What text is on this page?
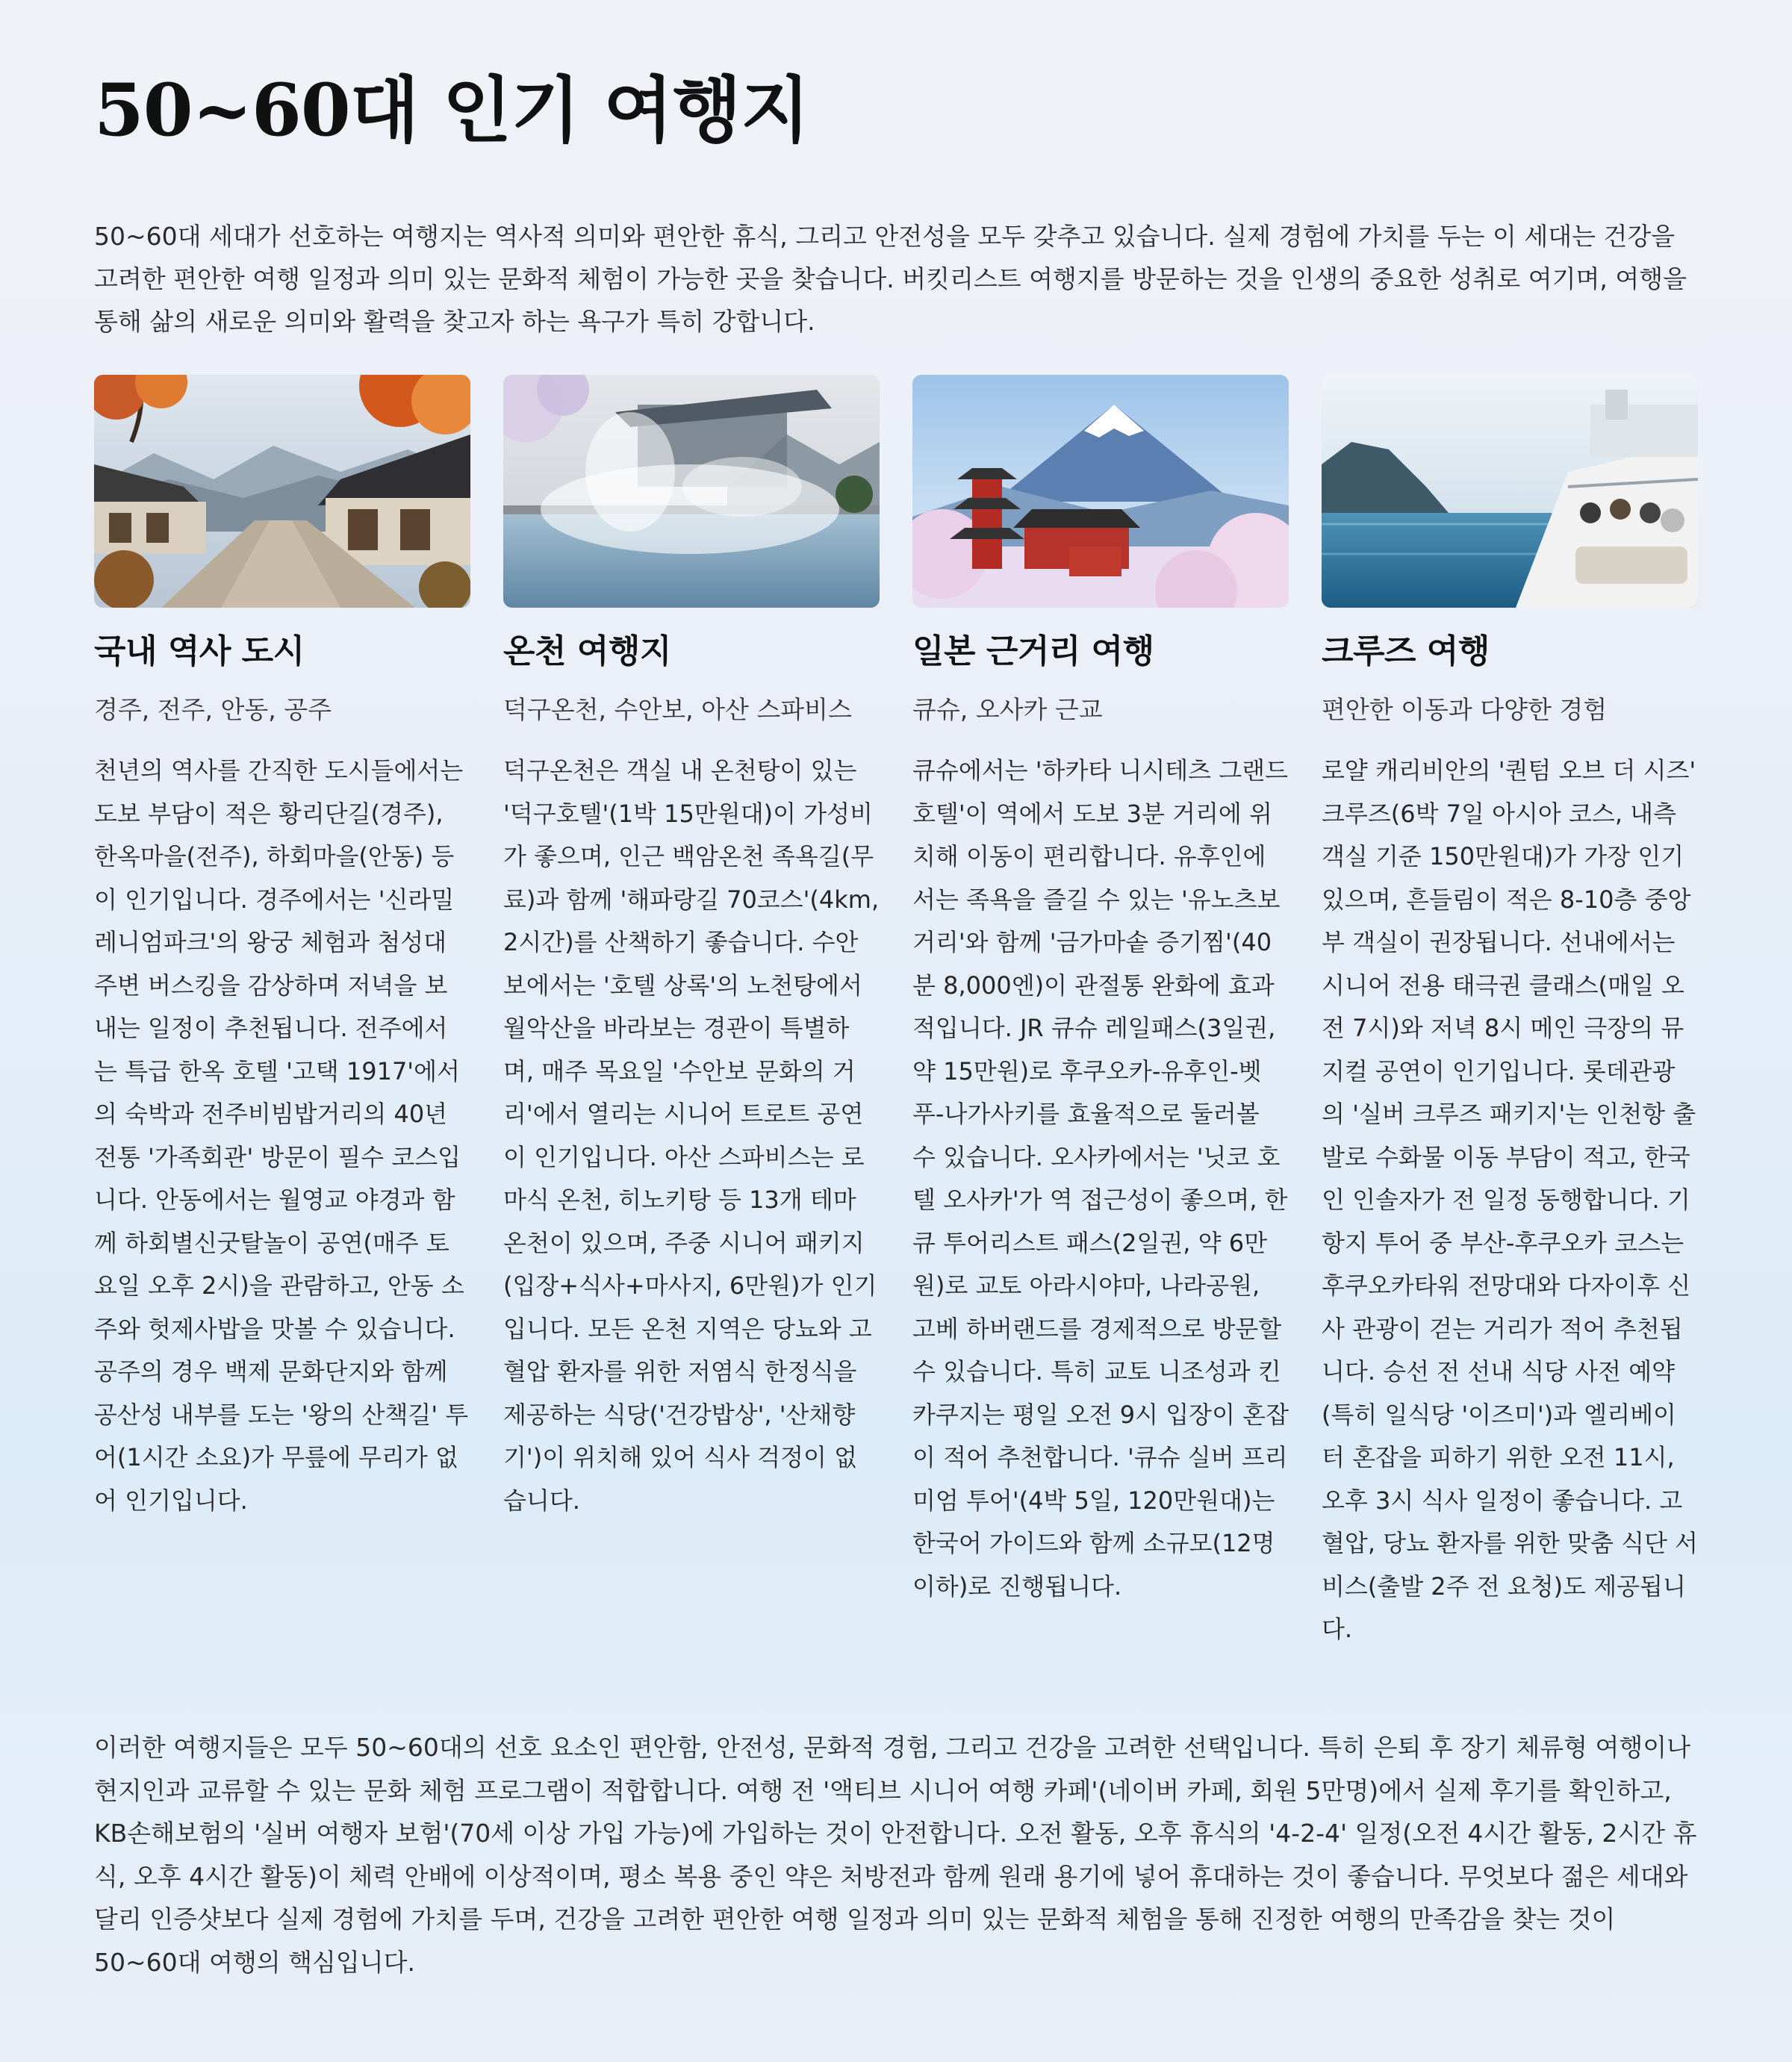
50~60대 인기 여행지

50~60대 세대가 선호하는 여행지는 역사적 의미와 편안한 휴식, 그리고 안전성을 모두 갖추고 있습니다. 실제 경험에 가치를 두는 이 세대는 건강을 고려한 편안한 여행 일정과 의미 있는 문화적 체험이 가능한 곳을 찾습니다. 버킷리스트 여행지를 방문하는 것을 인생의 중요한 성취로 여기며, 여행을 통해 삶의 새로운 의미와 활력을 찾고자 하는 욕구가 특히 강합니다.

국내 역사 도시
경주, 전주, 안동, 공주

천년의 역사를 간직한 도시들에서는 도보 부담이 적은 황리단길(경주), 한옥마을(전주), 하회마을(안동) 등이 인기입니다. 경주에서는 '신라밀레니엄파크'의 왕궁 체험과 첨성대 주변 버스킹을 감상하며 저녁을 보내는 일정이 추천됩니다. 전주에서는 특급 한옥 호텔 '고택 1917'에서의 숙박과 전주비빔밥거리의 40년 전통 '가족회관' 방문이 필수 코스입니다. 안동에서는 월영교 야경과 함께 하회별신굿탈놀이 공연(매주 토요일 오후 2시)을 관람하고, 안동 소주와 헛제사밥을 맛볼 수 있습니다. 공주의 경우 백제 문화단지와 함께 공산성 내부를 도는 '왕의 산책길' 투어(1시간 소요)가 무릎에 무리가 없어 인기입니다.

온천 여행지
덕구온천, 수안보, 아산 스파비스

덕구온천은 객실 내 온천탕이 있는 '덕구호텔'(1박 15만원대)이 가성비가 좋으며, 인근 백암온천 족욕길(무료)과 함께 '해파랑길 70코스'(4km, 2시간)를 산책하기 좋습니다. 수안보에서는 '호텔 상록'의 노천탕에서 월악산을 바라보는 경관이 특별하며, 매주 목요일 '수안보 문화의 거리'에서 열리는 시니어 트로트 공연이 인기입니다. 아산 스파비스는 로마식 온천, 히노키탕 등 13개 테마 온천이 있으며, 주중 시니어 패키지(입장+식사+마사지, 6만원)가 인기입니다. 모든 온천 지역은 당뇨와 고혈압 환자를 위한 저염식 한정식을 제공하는 식당('건강밥상', '산채향기')이 위치해 있어 식사 걱정이 없습니다.

일본 근거리 여행
큐슈, 오사카 근교

큐슈에서는 '하카타 니시테츠 그랜드호텔'이 역에서 도보 3분 거리에 위치해 이동이 편리합니다. 유후인에서는 족욕을 즐길 수 있는 '유노츠보 거리'와 함께 '금가마솥 증기찜'(40분 8,000엔)이 관절통 완화에 효과적입니다. JR 큐슈 레일패스(3일권, 약 15만원)로 후쿠오카-유후인-벳푸-나가사키를 효율적으로 둘러볼 수 있습니다. 오사카에서는 '닛코 호텔 오사카'가 역 접근성이 좋으며, 한큐 투어리스트 패스(2일권, 약 6만원)로 교토 아라시야마, 나라공원, 고베 하버랜드를 경제적으로 방문할 수 있습니다. 특히 교토 니조성과 킨카쿠지는 평일 오전 9시 입장이 혼잡이 적어 추천합니다. '큐슈 실버 프리미엄 투어'(4박 5일, 120만원대)는 한국어 가이드와 함께 소규모(12명 이하)로 진행됩니다.

크루즈 여행
편안한 이동과 다양한 경험

로얄 캐리비안의 '퀀텀 오브 더 시즈' 크루즈(6박 7일 아시아 코스, 내측 객실 기준 150만원대)가 가장 인기 있으며, 흔들림이 적은 8-10층 중앙부 객실이 권장됩니다. 선내에서는 시니어 전용 태극권 클래스(매일 오전 7시)와 저녁 8시 메인 극장의 뮤지컬 공연이 인기입니다. 롯데관광의 '실버 크루즈 패키지'는 인천항 출발로 수화물 이동 부담이 적고, 한국인 인솔자가 전 일정 동행합니다. 기항지 투어 중 부산-후쿠오카 코스는 후쿠오카타워 전망대와 다자이후 신사 관광이 걷는 거리가 적어 추천됩니다. 승선 전 선내 식당 사전 예약(특히 일식당 '이즈미')과 엘리베이터 혼잡을 피하기 위한 오전 11시, 오후 3시 식사 일정이 좋습니다. 고혈압, 당뇨 환자를 위한 맞춤 식단 서비스(출발 2주 전 요청)도 제공됩니다.

이러한 여행지들은 모두 50~60대의 선호 요소인 편안함, 안전성, 문화적 경험, 그리고 건강을 고려한 선택입니다. 특히 은퇴 후 장기 체류형 여행이나 현지인과 교류할 수 있는 문화 체험 프로그램이 적합합니다. 여행 전 '액티브 시니어 여행 카페'(네이버 카페, 회원 5만명)에서 실제 후기를 확인하고, KB손해보험의 '실버 여행자 보험'(70세 이상 가입 가능)에 가입하는 것이 안전합니다. 오전 활동, 오후 휴식의 '4-2-4' 일정(오전 4시간 활동, 2시간 휴식, 오후 4시간 활동)이 체력 안배에 이상적이며, 평소 복용 중인 약은 처방전과 함께 원래 용기에 넣어 휴대하는 것이 좋습니다. 무엇보다 젊은 세대와 달리 인증샷보다 실제 경험에 가치를 두며, 건강을 고려한 편안한 여행 일정과 의미 있는 문화적 체험을 통해 진정한 여행의 만족감을 찾는 것이 50~60대 여행의 핵심입니다.
